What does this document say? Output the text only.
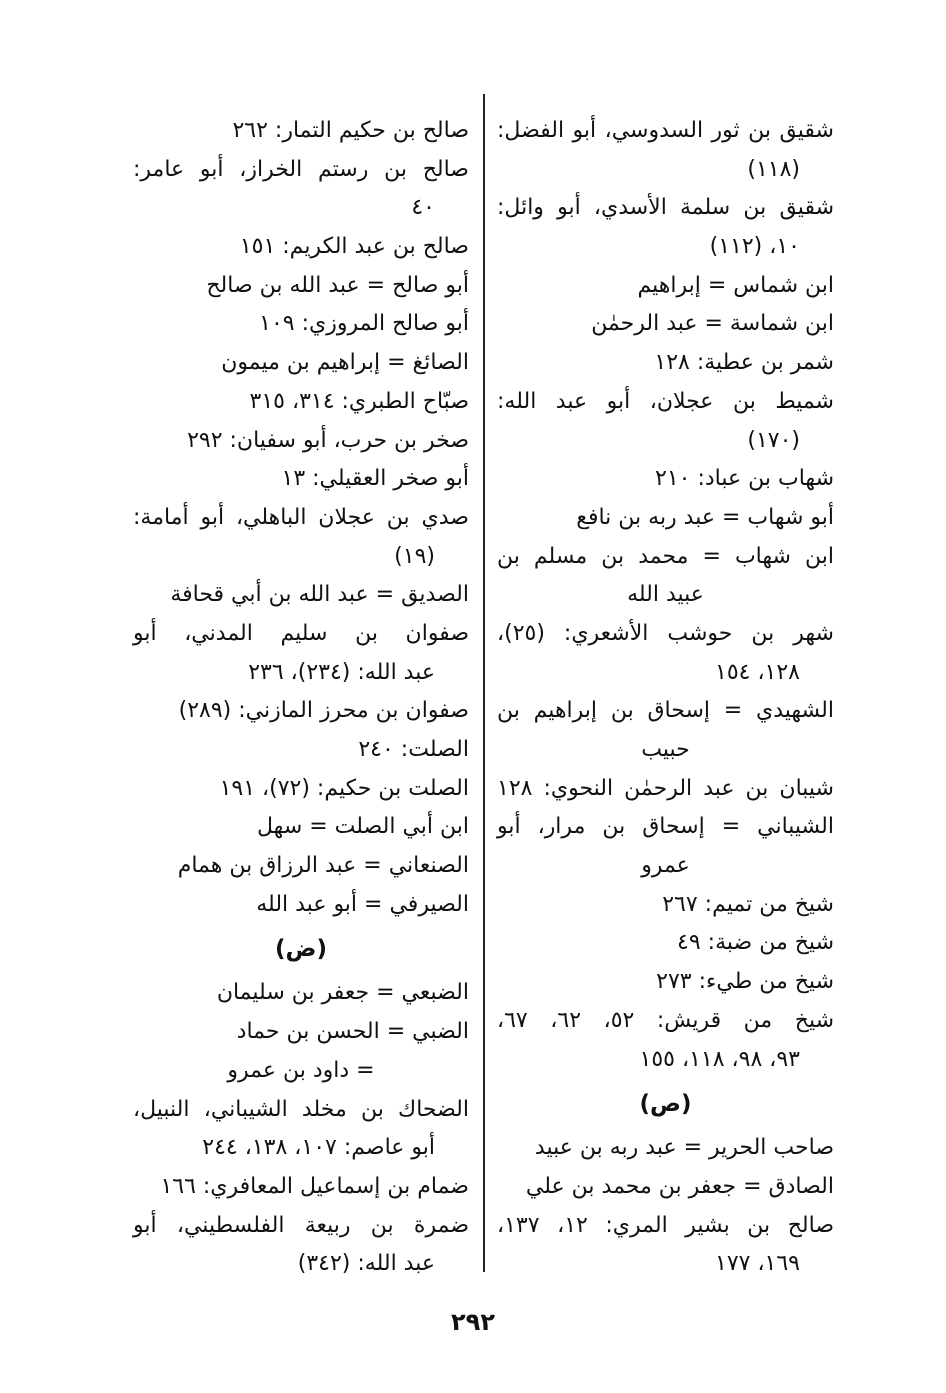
شقيق بن ثور السدوسي، أبو الفضل:
(١١٨)
شقيق بن سلمة الأسدي، أبو وائل:
١٠، (١١٢)
ابن شماس = إبراهيم
ابن شماسة = عبد الرحمٰن
شمر بن عطية: ١٢٨
شميط بن عجلان، أبو عبد الله:
(١٧٠)
شهاب بن عباد: ٢١٠
أبو شهاب = عبد ربه بن نافع
ابن شهاب = محمد بن مسلم بن
عبيد الله
شهر بن حوشب الأشعري: (٢٥)،
١٢٨، ١٥٤
الشهيدي = إسحاق بن إبراهيم بن
حبيب
شيبان بن عبد الرحمٰن النحوي: ١٢٨
الشيباني = إسحاق بن مرار، أبو
عمرو
شيخ من تميم: ٢٦٧
شيخ من ضبة: ٤٩
شيخ من طيء: ٢٧٣
شيخ من قريش: ٥٢، ٦٢، ٦٧،
٩٣، ٩٨، ١١٨، ١٥٥
(ص)
صاحب الحرير = عبد ربه بن عبيد
الصادق = جعفر بن محمد بن علي
صالح بن بشير المري: ١٢، ١٣٧،
١٦٩، ١٧٧
صالح بن حكيم التمار: ٢٦٢
صالح بن رستم الخراز، أبو عامر:
٤٠
صالح بن عبد الكريم: ١٥١
أبو صالح = عبد الله بن صالح
أبو صالح المروزي: ١٠٩
الصائغ = إبراهيم بن ميمون
صبّاح الطبري: ٣١٤، ٣١٥
صخر بن حرب، أبو سفيان: ٢٩٢
أبو صخر العقيلي: ١٣
صدي بن عجلان الباهلي، أبو أمامة:
(١٩)
الصديق = عبد الله بن أبي قحافة
صفوان بن سليم المدني، أبو
عبد الله: (٢٣٤)، ٢٣٦
صفوان بن محرز المازني: (٢٨٩)
الصلت: ٢٤٠
الصلت بن حكيم: (٧٢)، ١٩١
ابن أبي الصلت = سهل
الصنعاني = عبد الرزاق بن همام
الصيرفي = أبو عبد الله
(ض)
الضبعي = جعفر بن سليمان
الضبي = الحسن بن حماد
= داود بن عمرو
الضحاك بن مخلد الشيباني، النبيل،
أبو عاصم: ١٠٧، ١٣٨، ٢٤٤
ضمام بن إسماعيل المعافري: ١٦٦
ضمرة بن ربيعة الفلسطيني، أبو
عبد الله: (٣٤٢)
٢٩٢
